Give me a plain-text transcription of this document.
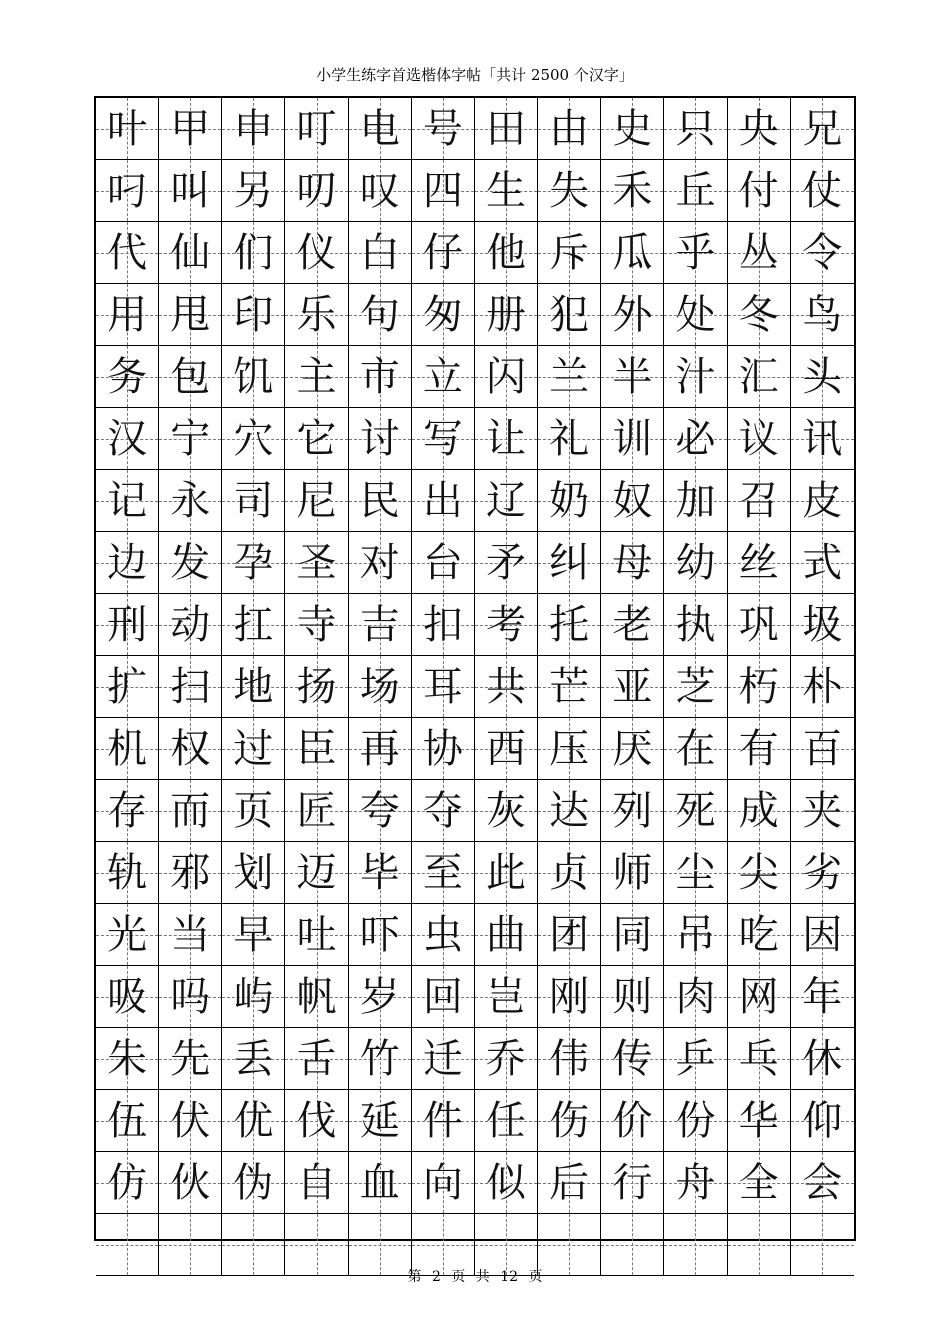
小学生练字首选楷体字帖「共计 2500 个汉字」
叶 甲 申 叮 电 号 田 由 史 只 央 兄
叼 叫 另 叨 叹 四 生 失 禾 丘 付 仗
代 仙 们 仪 白 仔 他 斥 瓜 乎 丛 令
用 甩 印 乐 句 匆 册 犯 外 处 冬 鸟
务 包 饥 主 市 立 闪 兰 半 汁 汇 头
汉 宁 穴 它 讨 写 让 礼 训 必 议 讯
记 永 司 尼 民 出 辽 奶 奴 加 召 皮
边 发 孕 圣 对 台 矛 纠 母 幼 丝 式
刑 动 扛 寺 吉 扣 考 托 老 执 巩 圾
扩 扫 地 扬 场 耳 共 芒 亚 芝 朽 朴
机 权 过 臣 再 协 西 压 厌 在 有 百
存 而 页 匠 夸 夺 灰 达 列 死 成 夹
轨 邪 划 迈 毕 至 此 贞 师 尘 尖 劣
光 当 早 吐 吓 虫 曲 团 同 吊 吃 因
吸 吗 屿 帆 岁 回 岂 刚 则 肉 网 年
朱 先 丢 舌 竹 迁 乔 伟 传 乒 乓 休
伍 伏 优 伐 延 件 任 伤 价 份 华 仰
仿 伙 伪 自 血 向 似 后 行 舟 全 会
第 2 页 共 12 页
